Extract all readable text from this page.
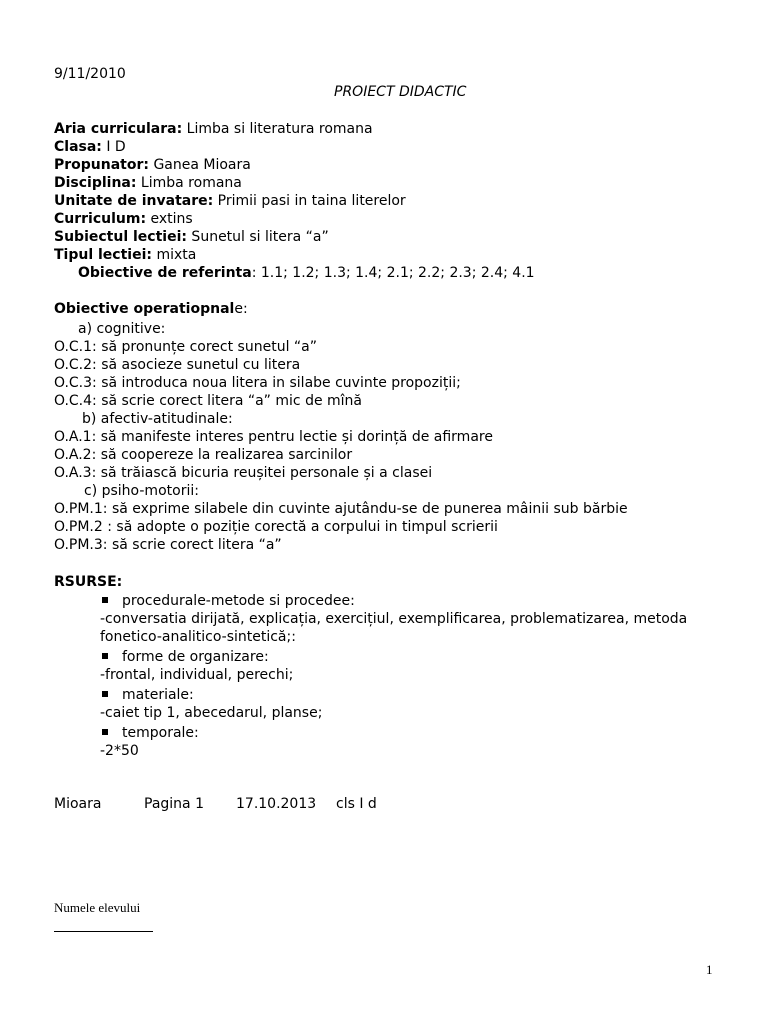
9/11/2010
PROIECT DIDACTIC
Aria curriculara: Limba si literatura romana
Clasa: I D
Propunator: Ganea Mioara
Disciplina: Limba romana
Unitate de invatare: Primii pasi in taina literelor
Curriculum: extins
Subiectul lectiei: Sunetul si litera “a”
Tipul lectiei: mixta
Obiective de referinta: 1.1; 1.2; 1.3; 1.4; 2.1; 2.2; 2.3; 2.4; 4.1
Obiective operatiopnale:
a) cognitive:
O.C.1: să pronunțe corect sunetul “a”
O.C.2: să asocieze sunetul cu litera
O.C.3: să introduca noua litera in silabe cuvinte propoziții;
O.C.4: să scrie corect litera “a” mic de mînă
b) afectiv-atitudinale:
O.A.1: să manifeste interes pentru lectie și dorință de afirmare
O.A.2: să coopereze la realizarea sarcinilor
O.A.3: să trăiască bicuria reușitei personale și a clasei
c) psiho-motorii:
O.PM.1: să exprime silabele din cuvinte ajutându-se de punerea mâinii sub bărbie
O.PM.2 : să adopte o poziție corectă a corpului in timpul scrierii
O.PM.3: să scrie corect litera “a”
RSURSE:
procedurale-metode si procedee:
-conversatia dirijată, explicația, exercițiul, exemplificarea, problematizarea, metoda
fonetico-analitico-sintetică;:
forme de organizare:
-frontal, individual, perechi;
materiale:
-caiet tip 1, abecedarul, planse;
temporale:
-2*50
Mioara	Pagina 1 17.10.2013 cls I d
Numele elevului
1
